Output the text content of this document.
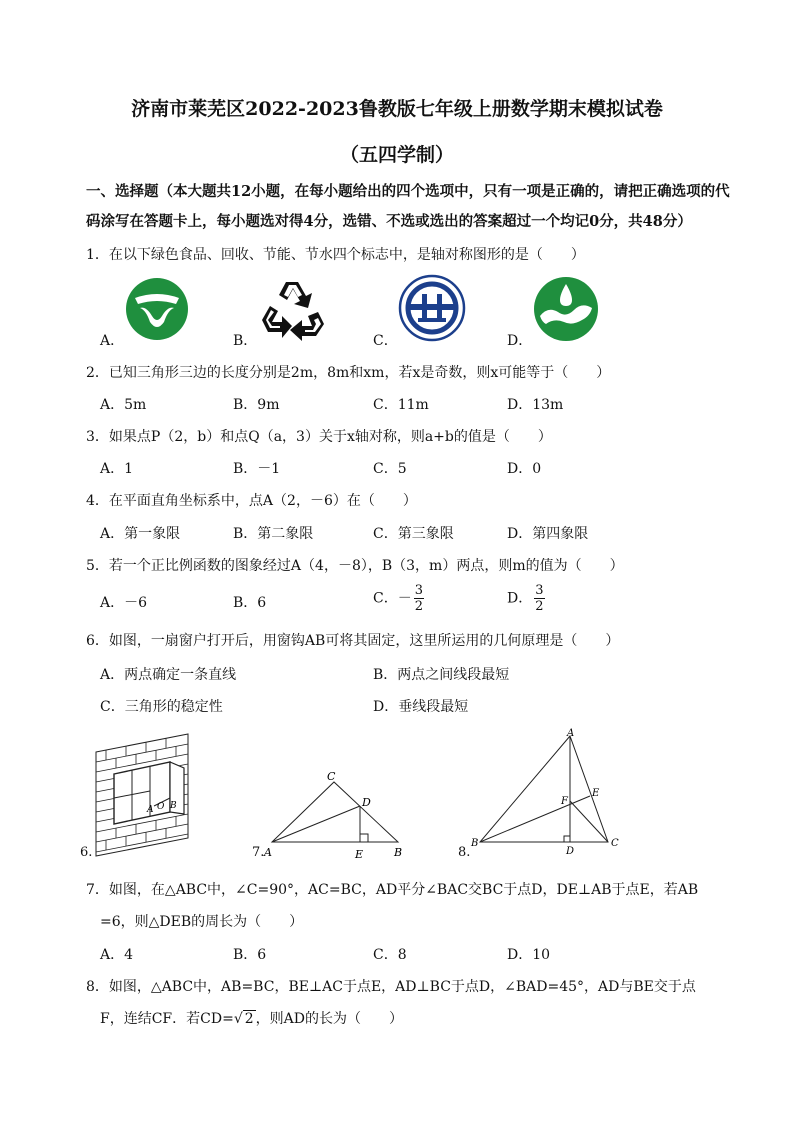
济南市莱芜区2022-2023鲁教版七年级上册数学期末模拟试卷
（五四学制）
一、选择题（本大题共12小题，在每小题给出的四个选项中，只有一项是正确的，请把正确选项的代
码涂写在答题卡上，每小题选对得4分，选错、不选或选出的答案超过一个均记0分，共48分）
1．在以下绿色食品、回收、节能、节水四个标志中，是轴对称图形的是（　　）
A．	B．	C．	D．
2．已知三角形三边的长度分别是2m，8m和xm，若x是奇数，则x可能等于（　　）
A．5m	B．9m	C．11m	D．13m
3．如果点P（2，b）和点Q（a，3）关于x轴对称，则a+b的值是（　　）
A．1	B．－1	C．5	D．0
4．在平面直角坐标系中，点A（2，－6）在（　　）
A．第一象限	B．第二象限	C．第三象限	D．第四象限
5．若一个正比例函数的图象经过A（4，－8），B（3，m）两点，则m的值为（　　）
A．－6	B．6	C．－ $\frac{3}{2}$	D． $\frac{3}{2}$
6．如图，一扇窗户打开后，用窗钩AB可将其固定，这里所运用的几何原理是（　　）
A．两点确定一条直线	B．两点之间线段最短
C．三角形的稳定性	D．垂线段最短
6.
A O B
7. A	B
C
D
E	8.
A
B	C
D
E
F
7．如图，在△ABC中，∠C=90°，AC=BC，AD平分∠BAC交BC于点D，DE⊥AB于点E，若AB
=6，则△DEB的周长为（　　）
A．4	B．6	C．8	D．10
8．如图，△ABC中，AB=BC，BE⊥AC于点E，AD⊥BC于点D，∠BAD=45°，AD与BE交于点
F，连结CF．若CD=√ 2 ，则AD的长为（　　）
